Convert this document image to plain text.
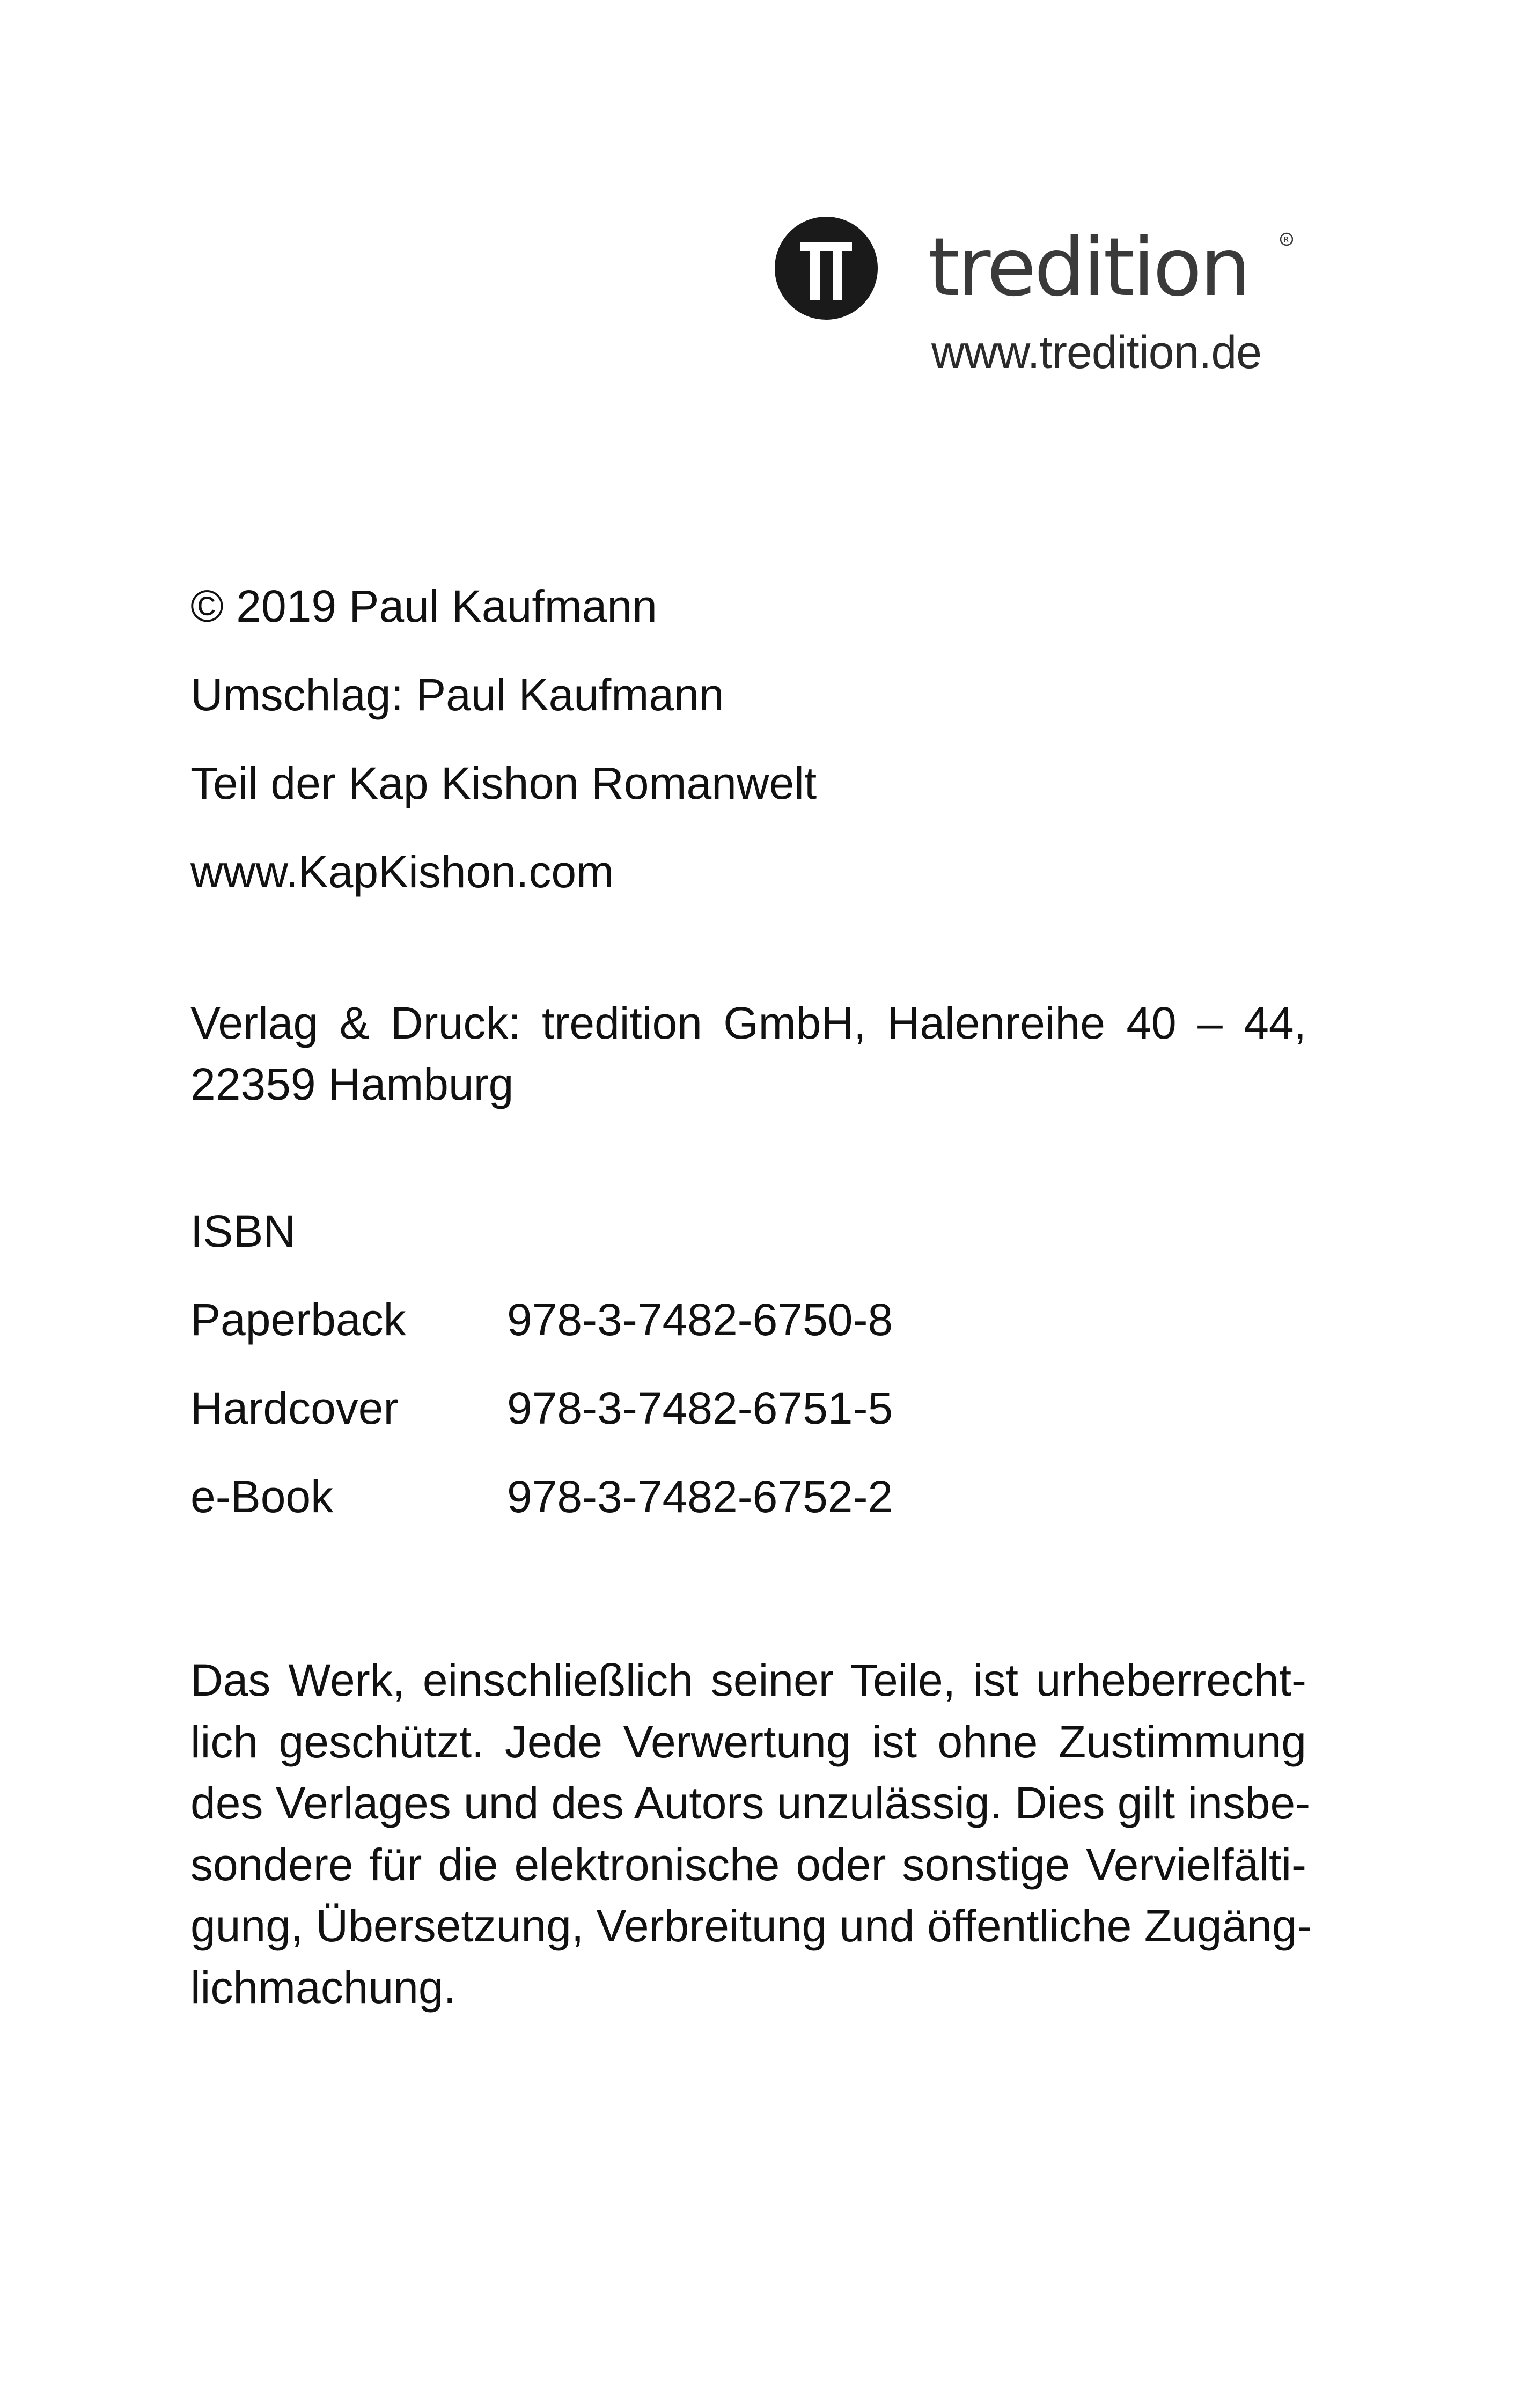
tredition	R
www.tredition.de
© 2019 Paul Kaufmann
Umschlag: Paul Kaufmann
Teil der Kap Kishon Romanwelt
www.KapKishon.com
Verlag & Druck: tredition GmbH, Halenreihe 40 – 44,
22359 Hamburg
ISBN
Paperback 978-3-7482-6750-8
Hardcover 978-3-7482-6751-5
e-Book	978-3-7482-6752-2
Das Werk, einschließlich seiner Teile, ist urheberrecht-
lich geschützt. Jede Verwertung ist ohne Zustimmung
des Verlages und des Autors unzulässig. Dies gilt insbe-
sondere für die elektronische oder sonstige Vervielfälti-
gung, Übersetzung, Verbreitung und öffentliche Zugäng-
lichmachung.
